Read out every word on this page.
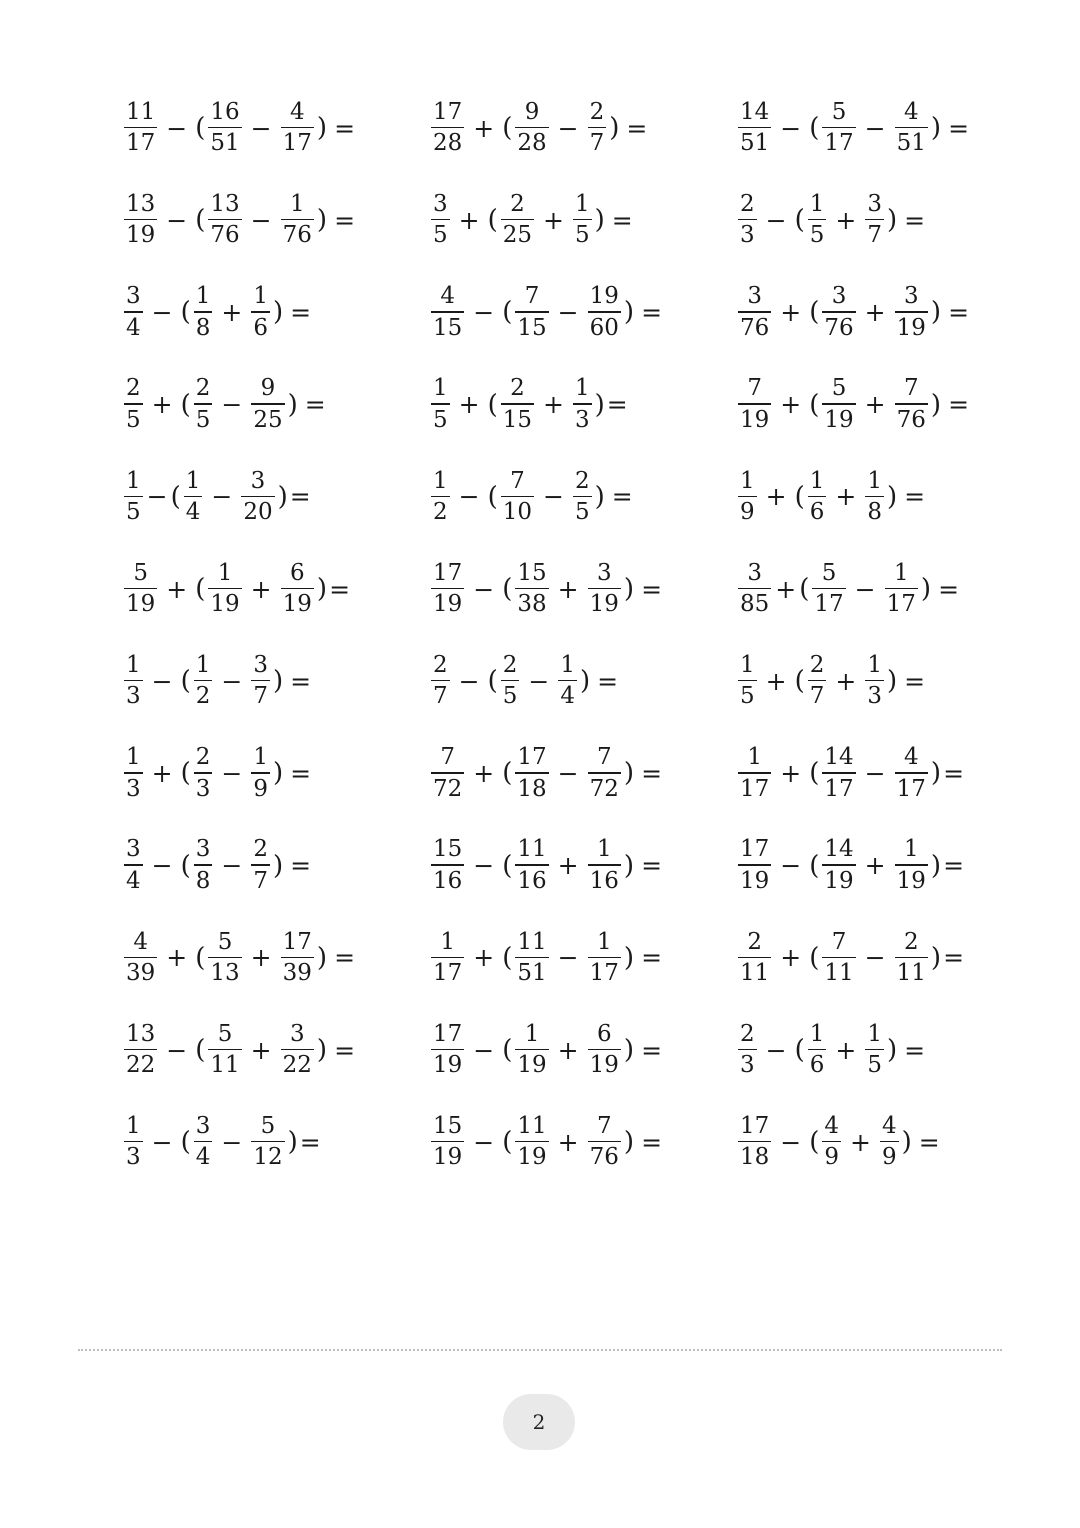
$\frac{11}{17}$ − ( $\frac{16}{51} - \frac{4}{17}$ ) =	$\frac{17}{28}$ + ( $\frac{9}{28} - \frac{2}{7}$ ) =	$\frac{14}{51}$ − ( $\frac{5}{17} - \frac{4}{51}$ ) =
$\frac{13}{19}$ − ( $\frac{13}{76} - \frac{1}{76}$ ) =	$\frac{3}{5}$ + ( $\frac{2}{25} + \frac{1}{5}$ ) =	$\frac{2}{3}$ − ( $\frac{1}{5} + \frac{3}{7}$ ) =
$\frac{3}{4}$ − ( $\frac{1}{8} + \frac{1}{6}$ ) =	$\frac{4}{15}$ − ( $\frac{7}{15} - \frac{19}{60}$ ) =	$\frac{3}{76}$ + ( $\frac{3}{76} + \frac{3}{19}$ ) =
$\frac{2}{5}$ + ( $\frac{2}{5} - \frac{9}{25}$ ) =	$\frac{1}{5}$ + ( $\frac{2}{15} + \frac{1}{3}$ ) =	$\frac{7}{19}$ + ( $\frac{5}{19} + \frac{7}{76}$ ) =
$\frac{1}{5}$ − ( $\frac{1}{4} - \frac{3}{20}$ ) =	$\frac{1}{2}$ − ( $\frac{7}{10} - \frac{2}{5}$ ) =	$\frac{1}{9}$ + ( $\frac{1}{6} + \frac{1}{8}$ ) =
$\frac{5}{19}$ + ( $\frac{1}{19} + \frac{6}{19}$ ) =	$\frac{17}{19}$ − ( $\frac{15}{38} + \frac{3}{19}$ ) =	$\frac{3}{85}$ + ( $\frac{5}{17} - \frac{1}{17}$ ) =
$\frac{1}{3}$ − ( $\frac{1}{2} - \frac{3}{7}$ ) =	$\frac{2}{7}$ − ( $\frac{2}{5} - \frac{1}{4}$ ) =	$\frac{1}{5}$ + ( $\frac{2}{7} + \frac{1}{3}$ ) =
$\frac{1}{3}$ + ( $\frac{2}{3} - \frac{1}{9}$ ) =	$\frac{7}{72}$ + ( $\frac{17}{18} - \frac{7}{72}$ ) =	$\frac{1}{17}$ + ( $\frac{14}{17} - \frac{4}{17}$ ) =
$\frac{3}{4}$ − ( $\frac{3}{8} - \frac{2}{7}$ ) =	$\frac{15}{16}$ − ( $\frac{11}{16} + \frac{1}{16}$ ) =	$\frac{17}{19}$ − ( $\frac{14}{19} + \frac{1}{19}$ ) =
$\frac{4}{39}$ + ( $\frac{5}{13} + \frac{17}{39}$ ) =	$\frac{1}{17}$ + ( $\frac{11}{51} - \frac{1}{17}$ ) =	$\frac{2}{11}$ + ( $\frac{7}{11} - \frac{2}{11}$ ) =
$\frac{13}{22}$ − ( $\frac{5}{11} + \frac{3}{22}$ ) =	$\frac{17}{19}$ − ( $\frac{1}{19} + \frac{6}{19}$ ) =	$\frac{2}{3}$ − ( $\frac{1}{6} + \frac{1}{5}$ ) =
$\frac{1}{3}$ − ( $\frac{3}{4} - \frac{5}{12}$ ) =	$\frac{15}{19}$ − ( $\frac{11}{19} + \frac{7}{76}$ ) =	$\frac{17}{18}$ − ( $\frac{4}{9} + \frac{4}{9}$ ) =
2
